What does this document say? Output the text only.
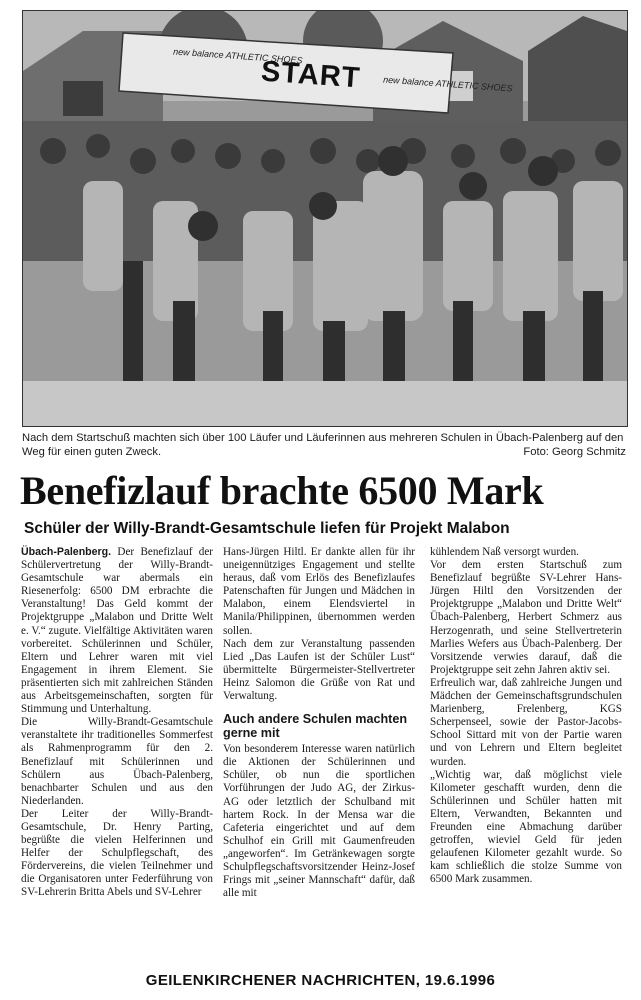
new balance ATHLETIC SHOES
START new balance ATHLETIC SHOES
Nach dem Startschuß machten sich über 100 Läufer und Läuferinnen aus mehreren Schulen in Übach-Palenberg auf den Weg für einen guten Zweck.	Foto: Georg Schmitz
Benefizlauf brachte 6500 Mark
Schüler der Willy-Brandt-Gesamtschule liefen für Projekt Malabon

Übach-Palenberg. Der Benefizlauf der Schülervertretung der Willy-Brandt-Gesamtschule war abermals ein Riesenerfolg: 6500 DM erbrachte die Veranstaltung! Das Geld kommt der Projektgruppe „Malabon und Dritte Welt e. V.“ zugute. Vielfältige Aktivitäten waren vorbereitet. Schülerinnen und Schüler, Eltern und Lehrer waren mit viel Engagement in ihrem Element. Sie präsentierten sich mit zahlreichen Ständen aus Arbeitsgemeinschaften, sorgten für Stimmung und Unterhaltung.

Die Willy-Brandt-Gesamtschule veranstaltete ihr traditionelles Sommerfest als Rahmenprogramm für den 2. Benefizlauf mit Schülerinnen und Schülern aus Übach-Palenberg, benachbarter Schulen und aus den Niederlanden.

Der Leiter der Willy-Brandt-Gesamtschule, Dr. Henry Parting, begrüßte die vielen Helferinnen und Helfer der Schulpflegschaft, des Fördervereins, die vielen Teilnehmer und die Organisatoren unter Federführung von SV-Lehrerin Britta Abels und SV-Lehrer

Hans-Jürgen Hiltl. Er dankte allen für ihr uneigennütziges Engagement und stellte heraus, daß vom Erlös des Benefizlaufes Patenschaften für Jungen und Mädchen in Malabon, einem Elendsviertel in Manila/Philippinen, übernommen werden sollen.

Nach dem zur Veranstaltung passenden Lied „Das Laufen ist der Schüler Lust“ übermittelte Bürgermeister-Stellvertreter Heinz Salomon die Grüße von Rat und Verwaltung.

Auch andere Schulen machten gerne mit

Von besonderem Interesse waren natürlich die Aktionen der Schülerinnen und Schüler, ob nun die sportlichen Vorführungen der Judo AG, der Zirkus-AG oder letztlich der Schulband mit hartem Rock. In der Mensa war die Cafeteria eingerichtet und auf dem Schulhof ein Grill mit Gaumenfreuden „angeworfen“. Im Getränkewagen sorgte Schulpflegschaftsvorsitzender Heinz-Josef Frings mit „seiner Mannschaft“ dafür, daß alle mit

kühlendem Naß versorgt wurden.

Vor dem ersten Startschuß zum Benefizlauf begrüßte SV-Lehrer Hans-Jürgen Hiltl den Vorsitzenden der Projektgruppe „Malabon und Dritte Welt“ Übach-Palenberg, Herbert Schmerz aus Herzogenrath, und seine Stellvertreterin Marlies Wefers aus Übach-Palenberg. Der Vorsitzende verwies darauf, daß die Projektgruppe seit zehn Jahren aktiv sei.

Erfreulich war, daß zahlreiche Jungen und Mädchen der Gemeinschaftsgrundschulen Marienberg, Frelenberg, KGS Scherpenseel, sowie der Pastor-Jacobs-School Sittard mit von der Partie waren und von Lehrern und Eltern begleitet wurden.

„Wichtig war, daß möglichst viele Kilometer geschafft wurden, denn die Schülerinnen und Schüler hatten mit Eltern, Verwandten, Bekannten und Freunden eine Abmachung darüber getroffen, wieviel Geld für jeden gelaufenen Kilometer gezahlt wurde. So kam schließlich die stolze Summe von 6500 Mark zusammen.

GEILENKIRCHENER NACHRICHTEN, 19.6.1996
